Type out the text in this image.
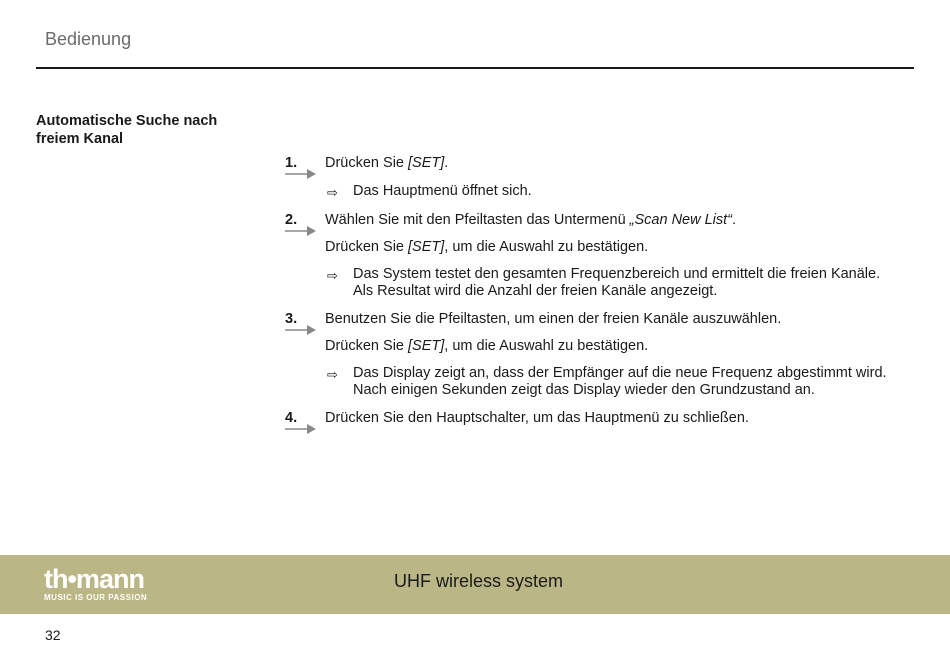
Bedienung
Automatische Suche nach freiem Kanal
1.	Drücken Sie [SET].
⇨ Das Hauptmenü öffnet sich.
2.	Wählen Sie mit den Pfeiltasten das Untermenü „Scan New List“.
Drücken Sie [SET], um die Auswahl zu bestätigen.
⇨ Das System testet den gesamten Frequenzbereich und ermittelt die freien Kanäle.
Als Resultat wird die Anzahl der freien Kanäle angezeigt.
3.	Benutzen Sie die Pfeiltasten, um einen der freien Kanäle auszuwählen.
Drücken Sie [SET], um die Auswahl zu bestätigen.
⇨ Das Display zeigt an, dass der Empfänger auf die neue Frequenz abgestimmt wird.
Nach einigen Sekunden zeigt das Display wieder den Grundzustand an.
4.	Drücken Sie den Hauptschalter, um das Hauptmenü zu schließen.
th•mann
MUSIC IS OUR PASSION
UHF wireless system
32
